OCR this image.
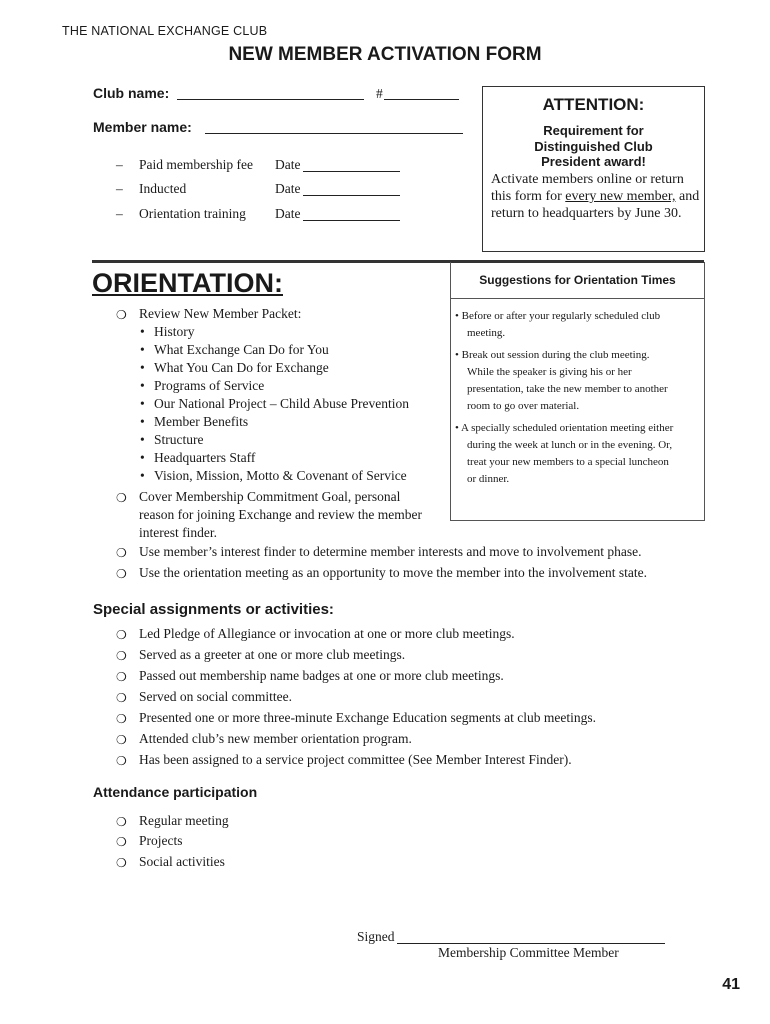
THE NATIONAL EXCHANGE CLUB
NEW MEMBER ACTIVATION FORM
Club name:	#
Member name:
– Paid membership fee Date
– Inducted	Date
– Orientation training Date
ATTENTION:
Requirement for
Distinguished Club
President award!
Activate members online or return this form for every new member, and return to headquarters by June 30.
ORIENTATION:	Suggestions for Orientation Times
• Before or after your regularly scheduled club
meeting.
• Break out session during the club meeting.
While the speaker is giving his or her
presentation, take the new member to another
room to go over material.
• A specially scheduled orientation meeting either
during the week at lunch or in the evening. Or,
treat your new members to a special luncheon
or dinner.
❍ Review New Member Packet:
• History
• What Exchange Can Do for You
• What You Can Do for Exchange
• Programs of Service
• Our National Project – Child Abuse Prevention
• Member Benefits
• Structure
• Headquarters Staff
• Vision, Mission, Motto & Covenant of Service
❍ Cover Membership Commitment Goal, personal
reason for joining Exchange and review the member
interest finder.
❍ Use member’s interest finder to determine member interests and move to involvement phase.
❍ Use the orientation meeting as an opportunity to move the member into the involvement state.
Special assignments or activities:
❍ Led Pledge of Allegiance or invocation at one or more club meetings.
❍ Served as a greeter at one or more club meetings.
❍ Passed out membership name badges at one or more club meetings.
❍ Served on social committee.
❍ Presented one or more three-minute Exchange Education segments at club meetings.
❍ Attended club’s new member orientation program.
❍ Has been assigned to a service project committee (See Member Interest Finder).
Attendance participation
❍ Regular meeting
❍ Projects
❍ Social activities
Signed
Membership Committee Member
41
